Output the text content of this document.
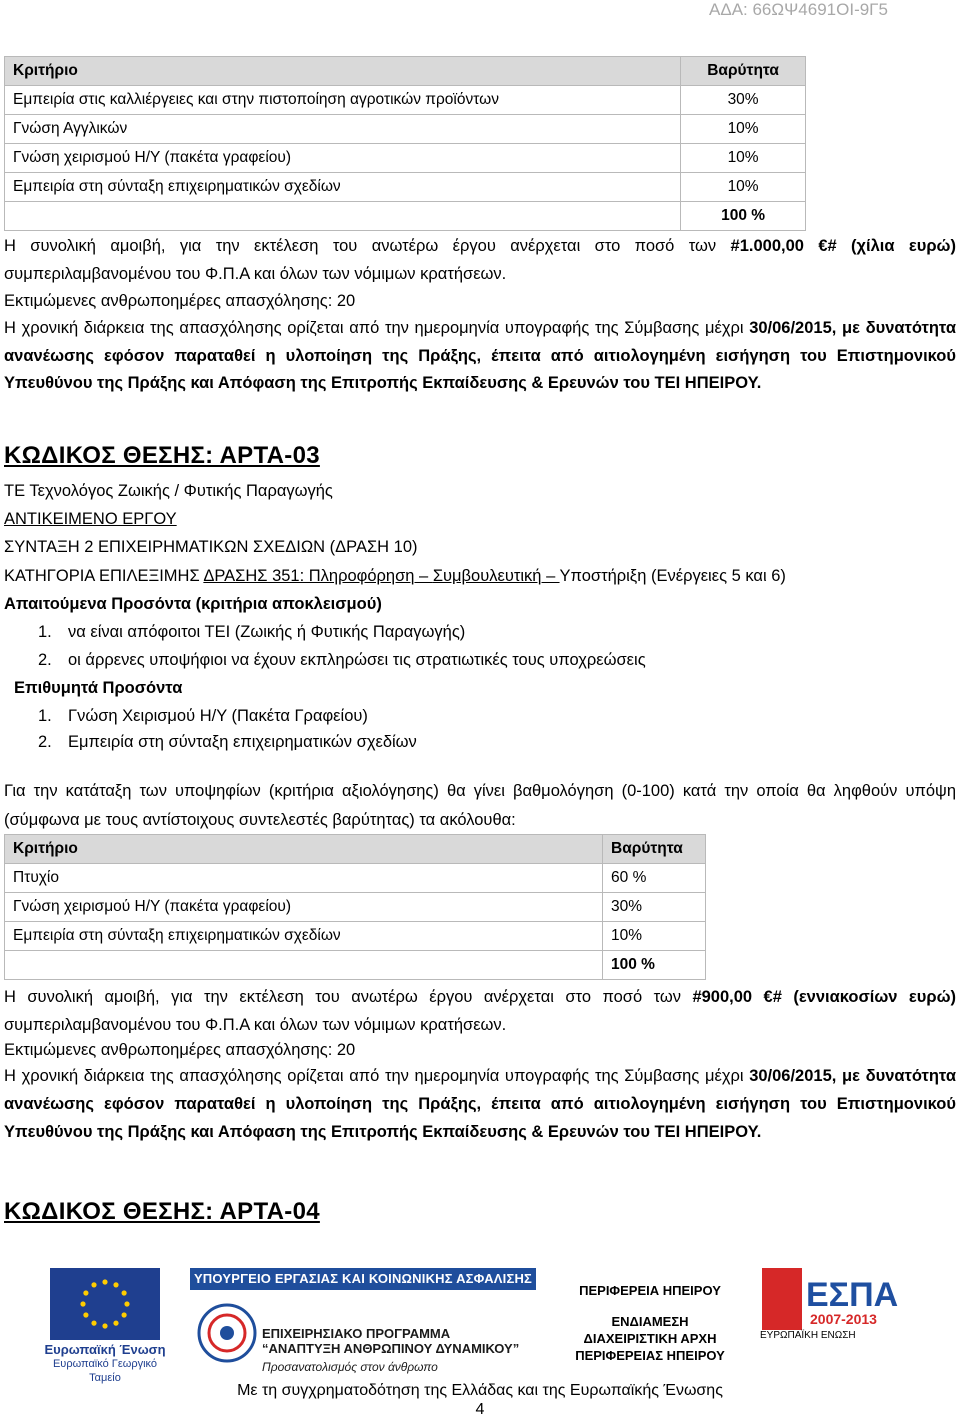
ΑΔΑ: 66ΩΨ4691ΟΙ-9Γ5
Κριτήριο	Βαρύτητα
Εμπειρία στις καλλιέργειες και στην πιστοποίηση αγροτικών προϊόντων	30%
Γνώση Αγγλικών	10%
Γνώση χειρισμού Η/Υ (πακέτα γραφείου)	10%
Εμπειρία στη σύνταξη επιχειρηματικών σχεδίων	10%
	100 %

Η συνολική αμοιβή, για την εκτέλεση του ανωτέρω έργου ανέρχεται στο ποσό των #1.000,00 €# (χίλια ευρώ) συμπεριλαμβανομένου του Φ.Π.Α και όλων των νόμιμων κρατήσεων.

Εκτιμώμενες ανθρωποημέρες απασχόλησης: 20

Η χρονική διάρκεια της απασχόλησης ορίζεται από την ημερομηνία υπογραφής της Σύμβασης μέχρι 30/06/2015, με δυνατότητα ανανέωσης εφόσον παραταθεί η υλοποίηση της Πράξης, έπειτα από αιτιολογημένη εισήγηση του Επιστημονικού Υπευθύνου της Πράξης και Απόφαση της Επιτροπής Εκπαίδευσης & Ερευνών του ΤΕΙ ΗΠΕΙΡΟΥ.

ΚΩΔΙΚΟΣ ΘΕΣΗΣ: ΑΡΤΑ-03
ΤΕ Τεχνολόγος Ζωικής / Φυτικής Παραγωγής
ΑΝΤΙΚΕΙΜΕΝΟ ΕΡΓΟΥ
ΣΥΝΤΑΞΗ 2 ΕΠΙΧΕΙΡΗΜΑΤΙΚΩΝ ΣΧΕΔΙΩΝ (ΔΡΑΣΗ 10)
ΚΑΤΗΓΟΡΙΑ ΕΠΙΛΕΞΙΜΗΣ ΔΡΑΣΗΣ 351: Πληροφόρηση – Συμβουλευτική – Υποστήριξη (Ενέργειες 5 και 6)
Απαιτούμενα Προσόντα (κριτήρια αποκλεισμού)
1. να είναι απόφοιτοι ΤΕΙ (Ζωικής ή Φυτικής Παραγωγής)
2. οι άρρενες υποψήφιοι να έχουν εκπληρώσει τις στρατιωτικές τους υποχρεώσεις
Επιθυμητά Προσόντα
1. Γνώση Χειρισμού Η/Υ (Πακέτα Γραφείου)
2. Εμπειρία στη σύνταξη επιχειρηματικών σχεδίων

Για την κατάταξη των υποψηφίων (κριτήρια αξιολόγησης) θα γίνει βαθμολόγηση (0-100) κατά την οποία θα ληφθούν υπόψη (σύμφωνα με τους αντίστοιχους συντελεστές βαρύτητας) τα ακόλουθα:

Κριτήριο	Βαρύτητα
Πτυχίο	60 %
Γνώση χειρισμού Η/Υ (πακέτα γραφείου)	30%
Εμπειρία στη σύνταξη επιχειρηματικών σχεδίων	10%
	100 %

Η συνολική αμοιβή, για την εκτέλεση του ανωτέρω έργου ανέρχεται στο ποσό των #900,00 €# (εννιακοσίων ευρώ) συμπεριλαμβανομένου του Φ.Π.Α και όλων των νόμιμων κρατήσεων.

Εκτιμώμενες ανθρωποημέρες απασχόλησης: 20

Η χρονική διάρκεια της απασχόλησης ορίζεται από την ημερομηνία υπογραφής της Σύμβασης μέχρι 30/06/2015, με δυνατότητα ανανέωσης εφόσον παραταθεί η υλοποίηση της Πράξης, έπειτα από αιτιολογημένη εισήγηση του Επιστημονικού Υπευθύνου της Πράξης και Απόφαση της Επιτροπής Εκπαίδευσης & Ερευνών του ΤΕΙ ΗΠΕΙΡΟΥ.

ΚΩΔΙΚΟΣ ΘΕΣΗΣ: ΑΡΤΑ-04
Ευρωπαϊκή Ένωση
Ευρωπαϊκό Γεωργικό Ταμείο
ΥΠΟΥΡΓΕΙΟ ΕΡΓΑΣΙΑΣ ΚΑΙ ΚΟΙΝΩΝΙΚΗΣ ΑΣΦΑΛΙΣΗΣ
ΕΠΙΧΕΙΡΗΣΙΑΚΟ ΠΡΟΓΡΑΜΜΑ
“ΑΝΑΠΤΥΞΗ ΑΝΘΡΩΠΙΝΟΥ ΔΥΝΑΜΙΚΟΥ”
Προσανατολισμός στον άνθρωπο
ΠΕΡΙΦΕΡΕΙΑ ΗΠΕΙΡΟΥ
ΕΝΔΙΑΜΕΣΗ
ΔΙΑΧΕΙΡΙΣΤΙΚΗ ΑΡΧΗ
ΠΕΡΙΦΕΡΕΙΑΣ ΗΠΕΙΡΟΥ
ΕΣΠΑ
2007-2013
ΕΥΡΩΠΑΪΚΗ ΕΝΩΣΗ
Με τη συγχρηματοδότηση της Ελλάδας και της Ευρωπαϊκής Ένωσης
4
